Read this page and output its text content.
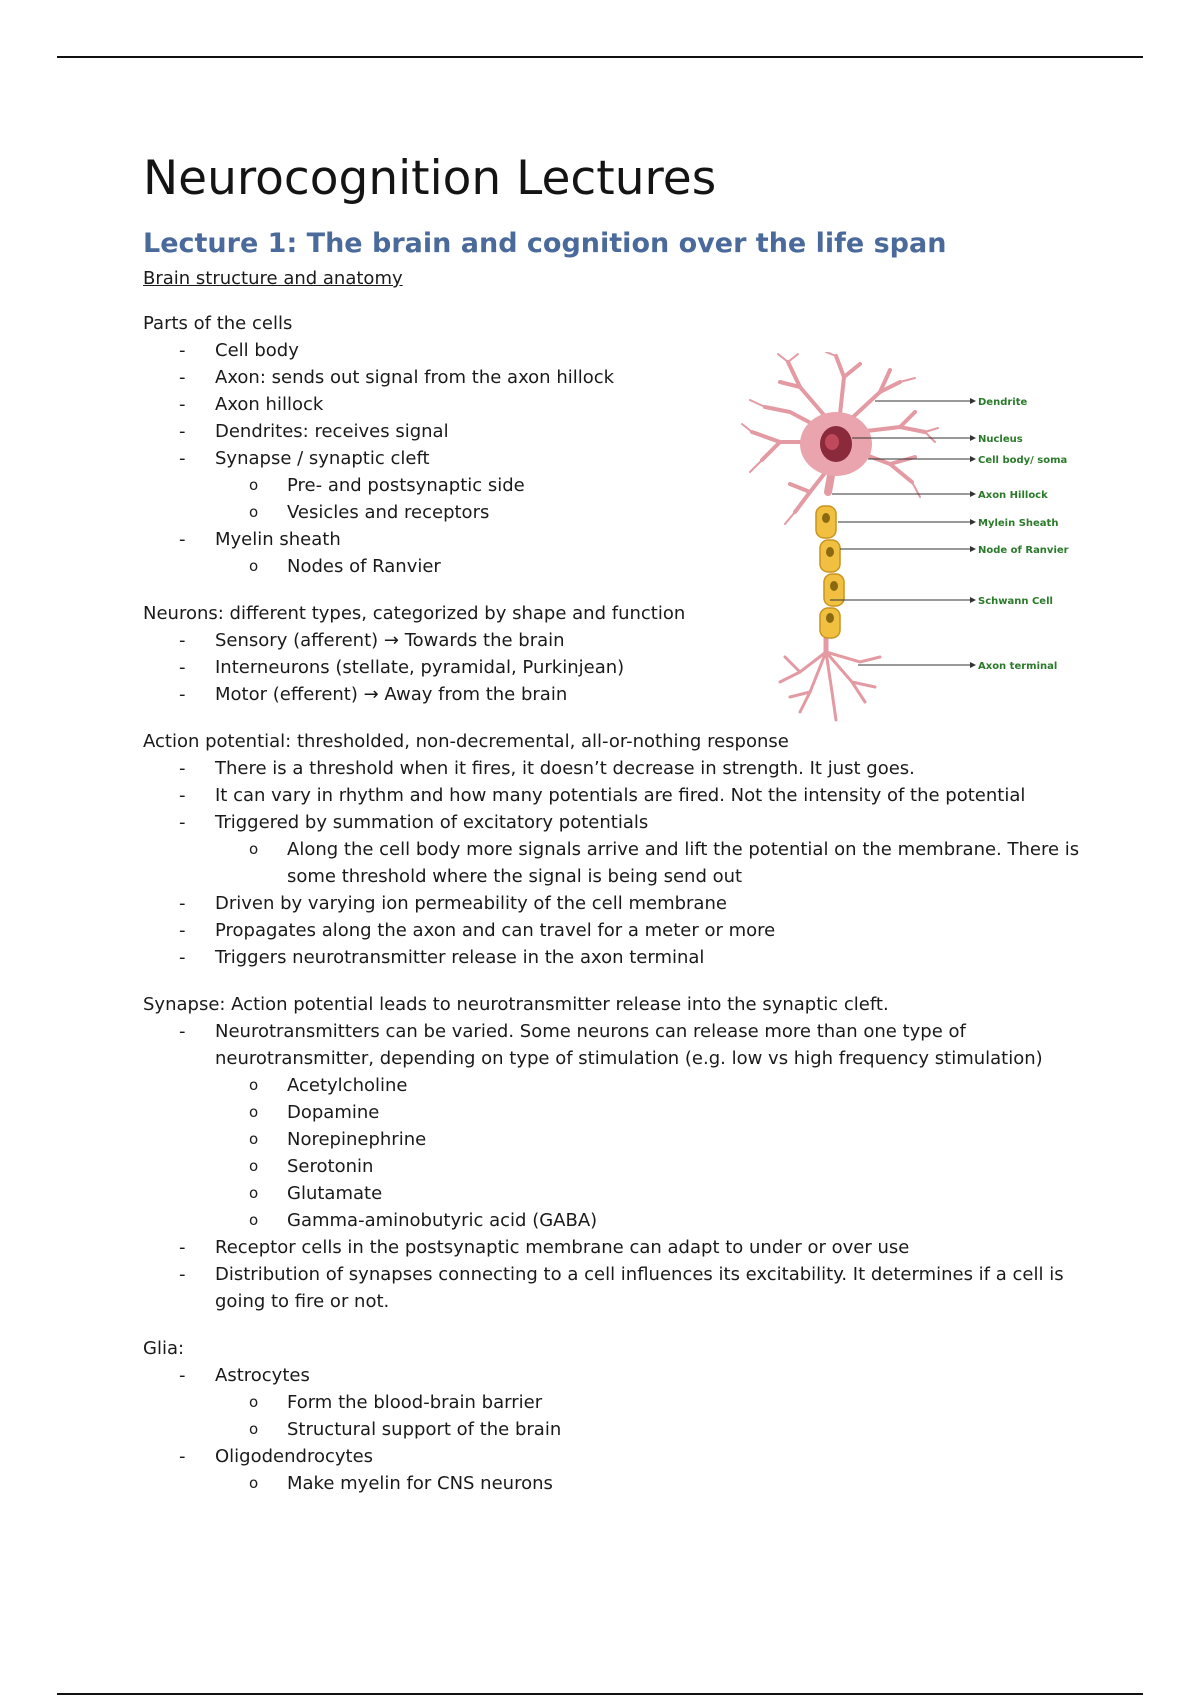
Neurocognition Lectures
Lecture 1: The brain and cognition over the life span
Brain structure and anatomy
Parts of the cells
- Cell body
- Axon: sends out signal from the axon hillock
- Axon hillock
- Dendrites: receives signal
- Synapse / synaptic cleft
o Pre- and postsynaptic side
o Vesicles and receptors
- Myelin sheath
o Nodes of Ranvier
Neurons: different types, categorized by shape and function
- Sensory (afferent) → Towards the brain
- Interneurons (stellate, pyramidal, Purkinjean)
- Motor (efferent) → Away from the brain
Action potential: thresholded, non-decremental, all-or-nothing response
- There is a threshold when it fires, it doesn’t decrease in strength. It just goes.
- It can vary in rhythm and how many potentials are fired. Not the intensity of the potential
- Triggered by summation of excitatory potentials
o Along the cell body more signals arrive and lift the potential on the membrane. There is some threshold where the signal is being send out
- Driven by varying ion permeability of the cell membrane
- Propagates along the axon and can travel for a meter or more
- Triggers neurotransmitter release in the axon terminal
Synapse: Action potential leads to neurotransmitter release into the synaptic cleft.
- Neurotransmitters can be varied. Some neurons can release more than one type of neurotransmitter, depending on type of stimulation (e.g. low vs high frequency stimulation)
o Acetylcholine
o Dopamine
o Norepinephrine
o Serotonin
o Glutamate
o Gamma-aminobutyric acid (GABA)
- Receptor cells in the postsynaptic membrane can adapt to under or over use
- Distribution of synapses connecting to a cell influences its excitability. It determines if a cell is going to fire or not.
Glia:
- Astrocytes
o Form the blood-brain barrier
o Structural support of the brain
- Oligodendrocytes
o Make myelin for CNS neurons
Dendrite
Nucleus
Cell body/ soma
Axon Hillock
Mylein Sheath
Node of Ranvier
Schwann Cell
Axon terminal
